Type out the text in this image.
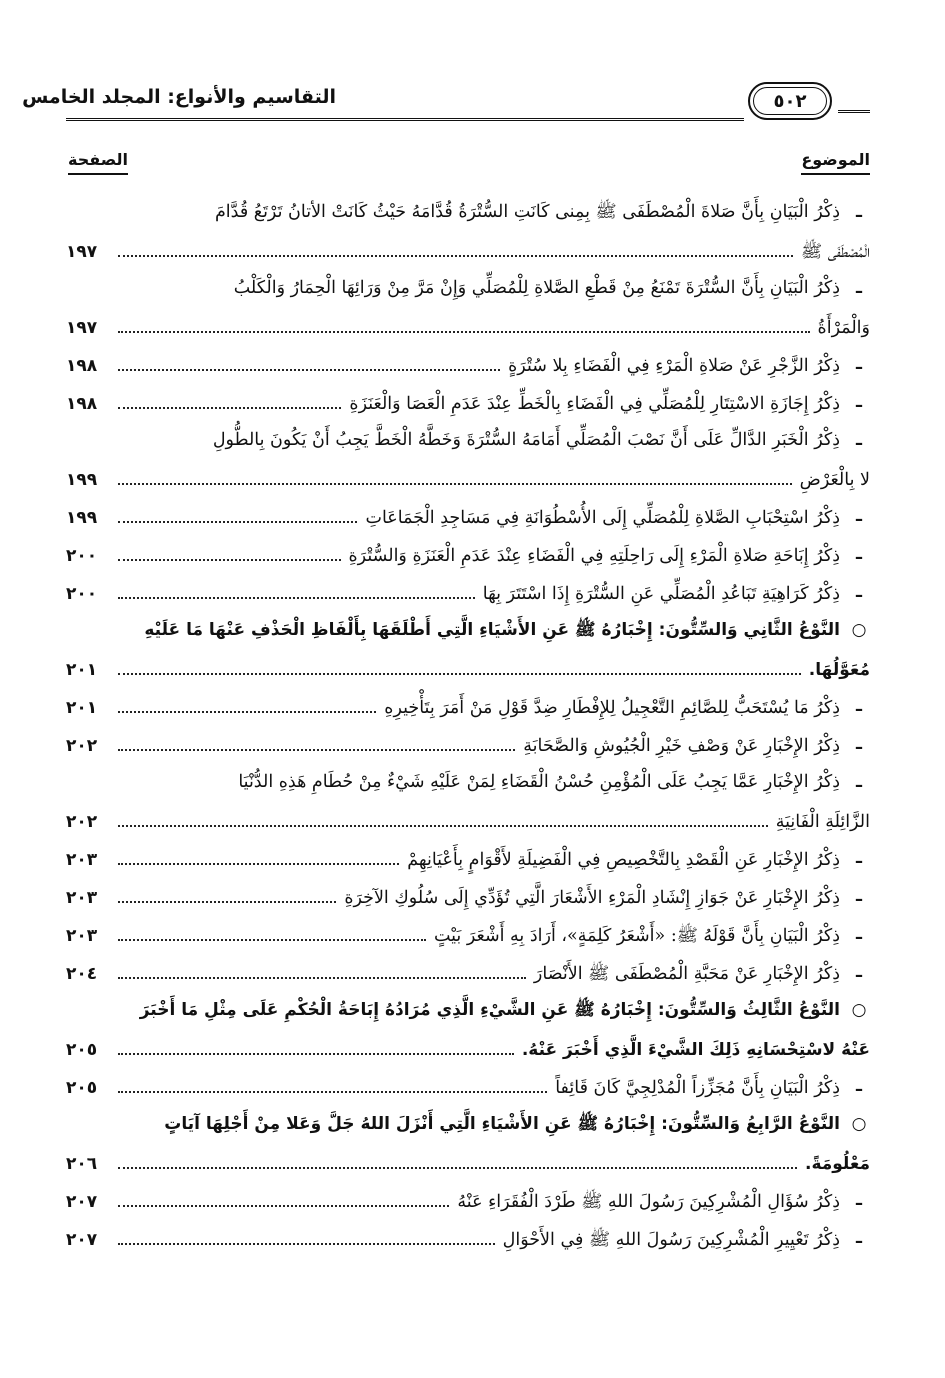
التقاسيم والأنواع: المجلد الخامس	٥٠٢
الموضوع
الصفحة
ـ
ذِكْرُ الْبَيَانِ بِأَنَّ صَلاةَ الْمُصْطَفَى ﷺ بِمِنى كَانَتِ السُّتْرَةُ قُدَّامَهُ حَيْثُ كَانَتْ الأتانُ تَرْتَعُ قُدَّامَ
الْمُصْطَفَى ﷺ
١٩٧
ـ
ذِكْرُ الْبَيَانِ بِأَنَّ السُّتْرَةَ تَمْنَعُ مِنْ قَطْعِ الصَّلاةِ لِلْمُصَلِّي وَإِنْ مَرَّ مِنْ وَرَائِهَا الْحِمَارُ وَالْكَلْبُ
وَالْمَرْأَةُ
١٩٧
ـ
ذِكْرُ الزَّجْرِ عَنْ صَلاةِ الْمَرْءِ فِي الْفَضَاءِ بِلا سُتْرَةٍ
١٩٨
ـ
ذِكْرُ إِجَازَةِ الاسْتِتَارِ لِلْمُصَلِّي فِي الْفَضَاءِ بِالْخَطِّ عِنْدَ عَدَمِ الْعَصَا وَالْعَنَزَةِ
١٩٨
ـ
ذِكْرُ الْخَبَرِ الدَّالِّ عَلَى أَنَّ نَصْبَ الْمُصَلِّي أَمَامَهُ السُّتْرَةَ وَخَطَّهُ الْخَطَّ يَجِبُ أَنْ يَكُونَ بِالطُّولِ
لا بِالْعَرْضِ
١٩٩
ـ
ذِكْرُ اسْتِحْبَابِ الصَّلاةِ لِلْمُصَلِّي إِلَى الأُسْطُوَانَةِ فِي مَسَاجِدِ الْجَمَاعَاتِ
١٩٩
ـ
ذِكْرُ إِبَاحَةِ صَلاةِ الْمَرْءِ إِلَى رَاحِلَتِهِ فِي الْفَضَاءِ عِنْدَ عَدَمِ الْعَنَزَةِ وَالسُّتْرَةِ
٢٠٠
ـ
ذِكْرُ كَرَاهِيَةِ تَبَاعُدِ الْمُصَلِّي عَنِ السُّتْرَةِ إِذَا اسْتَتَرَ بِهَا
٢٠٠
○
النَّوْعُ الثَّانِي وَالسِّتُّونَ: إِخْبَارُهُ ﷺ عَنِ الأَشْيَاءِ الَّتِي أَطْلَقَهَا بِأَلْفَاظِ الْحَذْفِ عَنْهَا مَا عَلَيْهِ
مُعَوَّلُهَا.
٢٠١
ـ
ذِكْرُ مَا يُسْتَحَبُّ لِلصَّائِمِ التَّعْجِيلُ لِلإِفْطَارِ ضِدَّ قَوْلِ مَنْ أَمَرَ بِتَأْخِيرِهِ
٢٠١
ـ
ذِكْرُ الإِخْبَارِ عَنْ وَصْفِ خَيْرِ الْجُيُوشِ وَالصَّحَابَةِ
٢٠٢
ـ
ذِكْرُ الإِخْبَارِ عَمَّا يَجِبُ عَلَى الْمُؤْمِنِ حُسْنُ الْقَضَاءِ لِمَنْ عَلَيْهِ شَيْءٌ مِنْ حُطَامِ هَذِهِ الدُّنْيَا
الزَّائِلَةِ الْفَانِيَةِ
٢٠٢
ـ
ذِكْرُ الإِخْبَارِ عَنِ الْقَصْدِ بِالتَّخْصِيصِ فِي الْفَضِيلَةِ لأَقْوَامٍ بِأَعْيَانِهِمْ
٢٠٣
ـ
ذِكْرُ الإِخْبَارِ عَنْ جَوَازِ إِنْشَادِ الْمَرْءِ الأَشْعَارَ الَّتِي تُؤَدِّي إِلَى سُلُوكِ الآخِرَةِ
٢٠٣
ـ
ذِكْرُ الْبَيَانِ بِأَنَّ قَوْلَهُ ﷺ: «أَشْعَرُ كَلِمَةٍ»، أَرَادَ بِهِ أَشْعَرَ بَيْتٍ
٢٠٣
ـ
ذِكْرُ الإِخْبَارِ عَنْ مَحَبَّةِ الْمُصْطَفَى ﷺ الأَنْصَارَ
٢٠٤
○
النَّوْعُ الثَّالِثُ وَالسِّتُّونَ: إِخْبَارُهُ ﷺ عَنِ الشَّيْءِ الَّذِي مُرَادُهُ إِبَاحَةُ الْحُكْمِ عَلَى مِثْلِ مَا أَخْبَرَ
عَنْهُ لاسْتِحْسَانِهِ ذَلِكَ الشَّيْءَ الَّذِي أَخْبَرَ عَنْهُ.
٢٠٥
ـ
ذِكْرُ الْبَيَانِ بِأَنَّ مُجَزِّزاً الْمُدْلِجِيَّ كَانَ قَائِفاً
٢٠٥
○
النَّوْعُ الرَّابِعُ وَالسِّتُّونَ: إِخْبَارُهُ ﷺ عَنِ الأَشْيَاءِ الَّتِي أَنْزَلَ اللهُ جَلَّ وَعَلا مِنْ أَجْلِهَا آيَاتٍ
مَعْلُومَةً.
٢٠٦
ـ
ذِكْرُ سُؤَالِ الْمُشْرِكِينَ رَسُولَ اللهِ ﷺ طَرْدَ الْفُقَرَاءِ عَنْهُ
٢٠٧
ـ
ذِكْرُ تَعْيِيرِ الْمُشْرِكِينَ رَسُولَ اللهِ ﷺ فِي الأَحْوَالِ
٢٠٧
